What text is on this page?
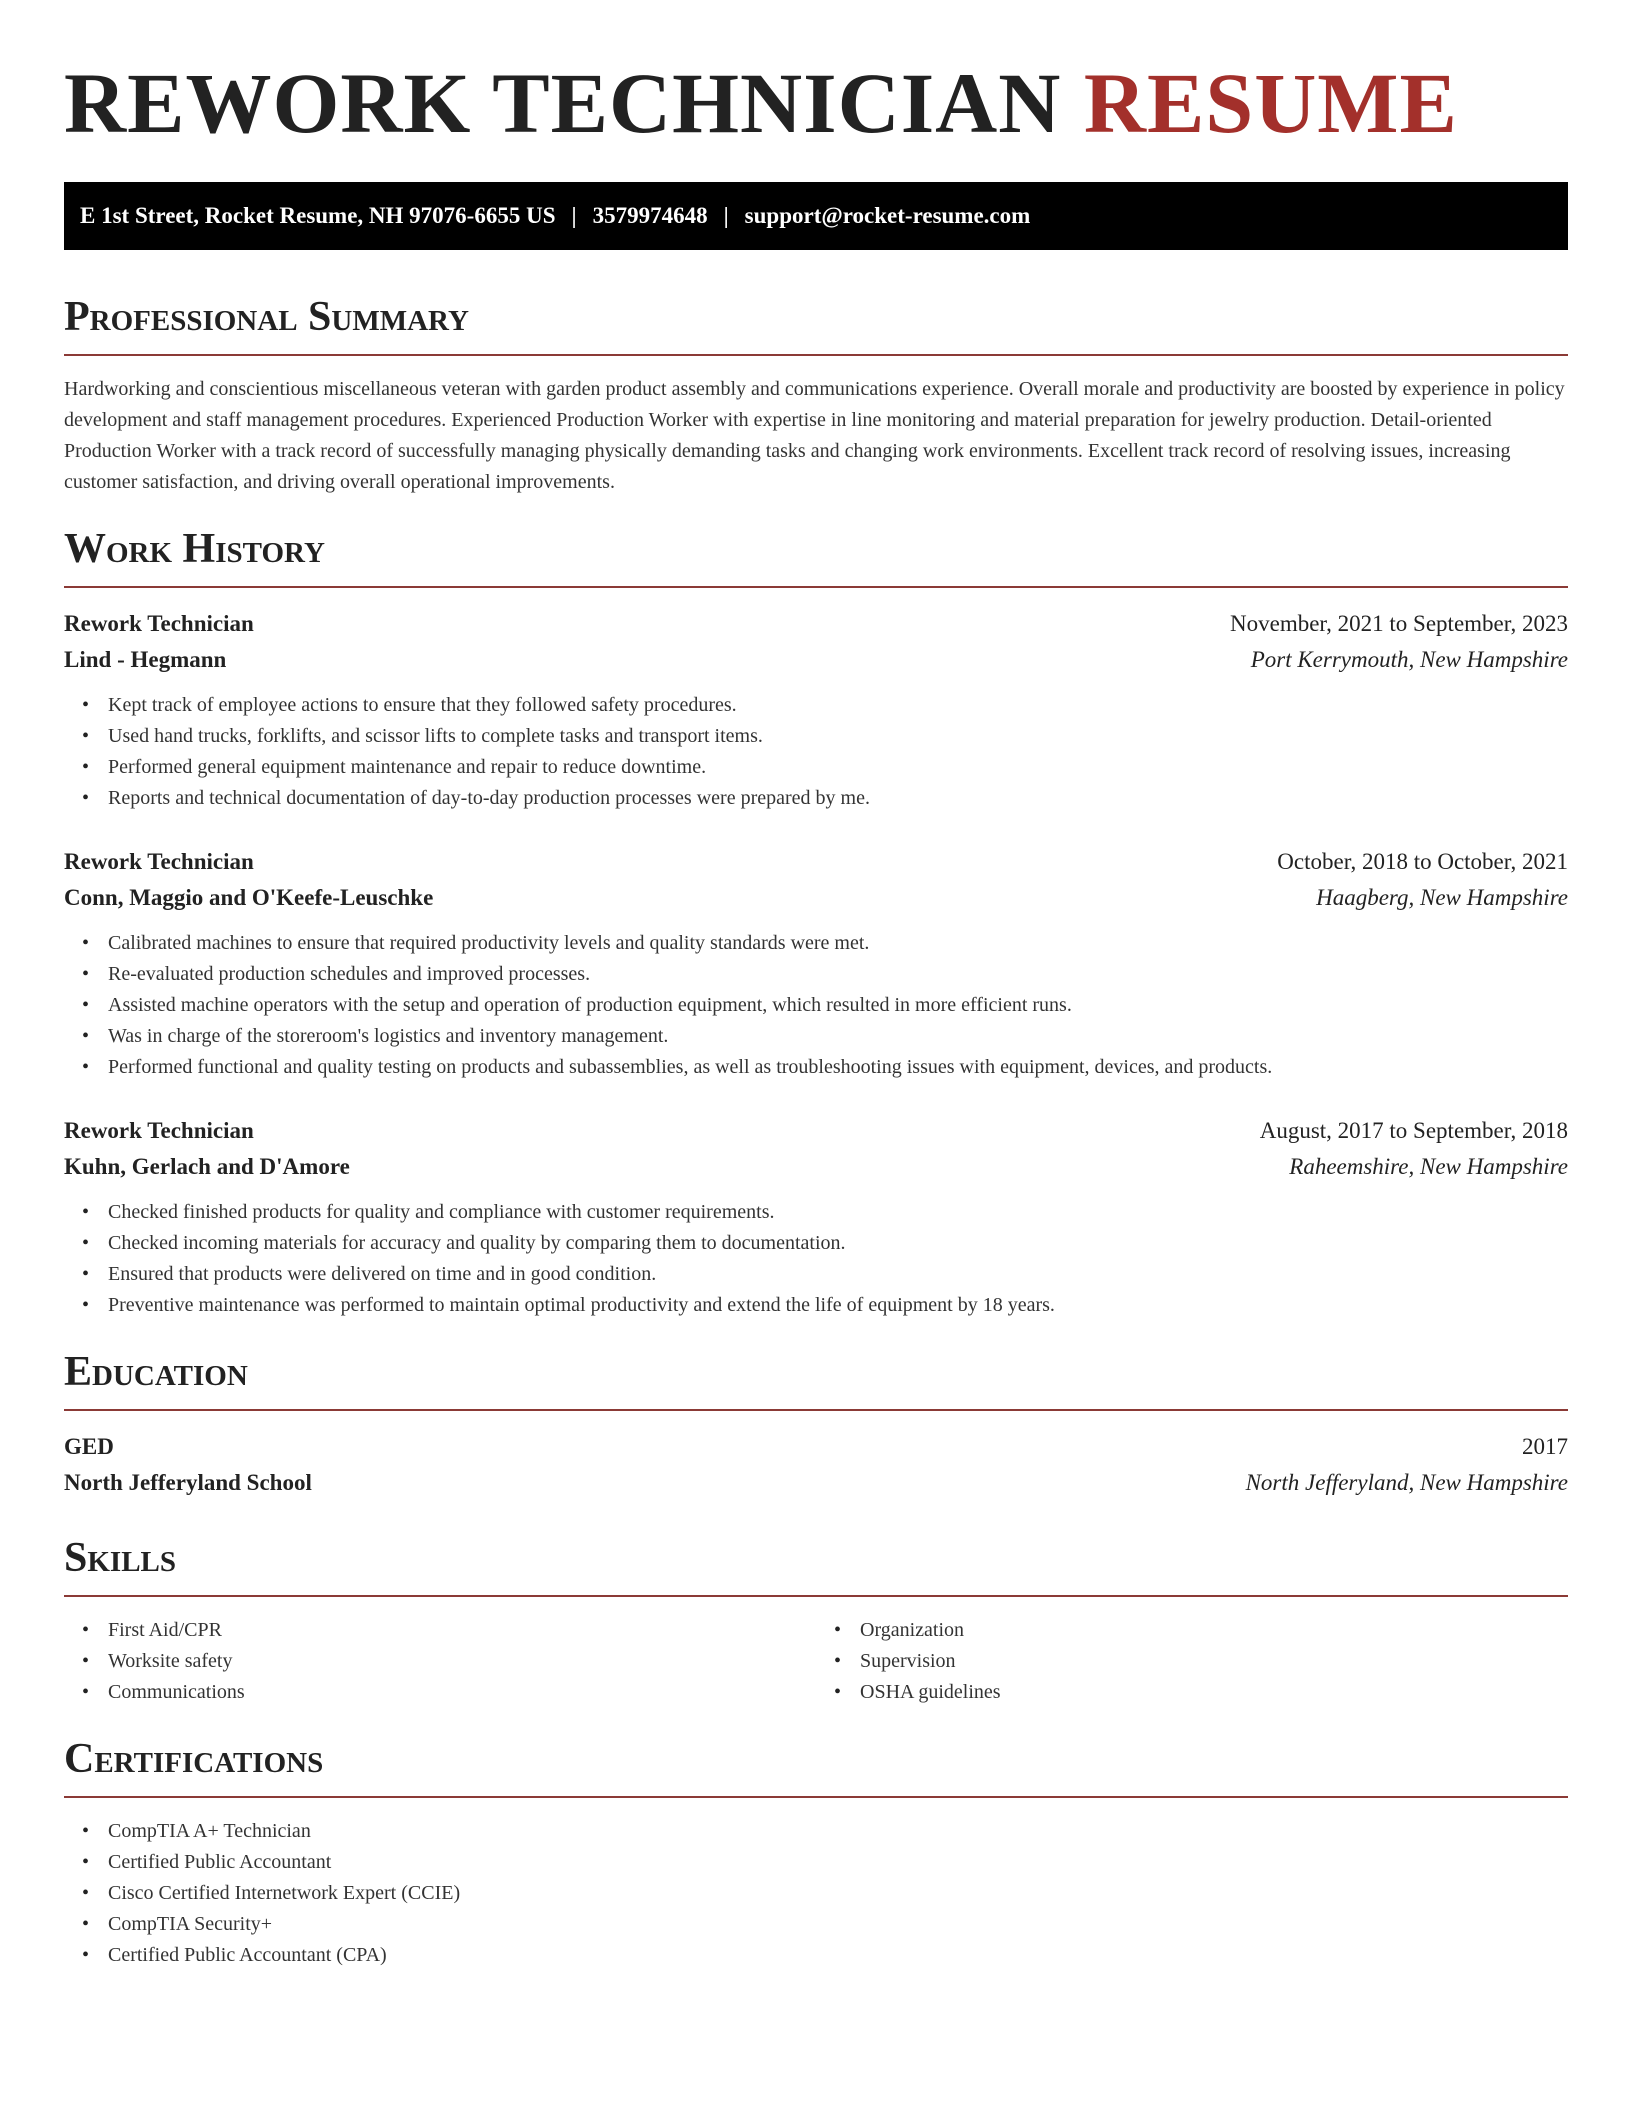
REWORK TECHNICIAN RESUME
E 1st Street, Rocket Resume, NH 97076-6655 US | 3579974648 | support@rocket-resume.com
Professional Summary

Hardworking and conscientious miscellaneous veteran with garden product assembly and communications experience. Overall morale and productivity are boosted by experience in policy development and staff management procedures. Experienced Production Worker with expertise in line monitoring and material preparation for jewelry production. Detail-oriented Production Worker with a track record of successfully managing physically demanding tasks and changing work environments. Excellent track record of resolving issues, increasing customer satisfaction, and driving overall operational improvements.

Work History
Rework Technician	November, 2021 to September, 2023
Lind - Hegmann	Port Kerrymouth, New Hampshire
• Kept track of employee actions to ensure that they followed safety procedures.
• Used hand trucks, forklifts, and scissor lifts to complete tasks and transport items.
• Performed general equipment maintenance and repair to reduce downtime.
• Reports and technical documentation of day-to-day production processes were prepared by me.
Rework Technician	October, 2018 to October, 2021
Conn, Maggio and O'Keefe-Leuschke	Haagberg, New Hampshire
• Calibrated machines to ensure that required productivity levels and quality standards were met.
• Re-evaluated production schedules and improved processes.
• Assisted machine operators with the setup and operation of production equipment, which resulted in more efficient runs.
• Was in charge of the storeroom's logistics and inventory management.
• Performed functional and quality testing on products and subassemblies, as well as troubleshooting issues with equipment, devices, and products.
Rework Technician	August, 2017 to September, 2018
Kuhn, Gerlach and D'Amore	Raheemshire, New Hampshire
• Checked finished products for quality and compliance with customer requirements.
• Checked incoming materials for accuracy and quality by comparing them to documentation.
• Ensured that products were delivered on time and in good condition.
• Preventive maintenance was performed to maintain optimal productivity and extend the life of equipment by 18 years.
Education
GED	2017
North Jefferyland School	North Jefferyland, New Hampshire
Skills
• First Aid/CPR
• Worksite safety
• Communications
• Organization
• Supervision
• OSHA guidelines
Certifications
• CompTIA A+ Technician
• Certified Public Accountant
• Cisco Certified Internetwork Expert (CCIE)
• CompTIA Security+
• Certified Public Accountant (CPA)
